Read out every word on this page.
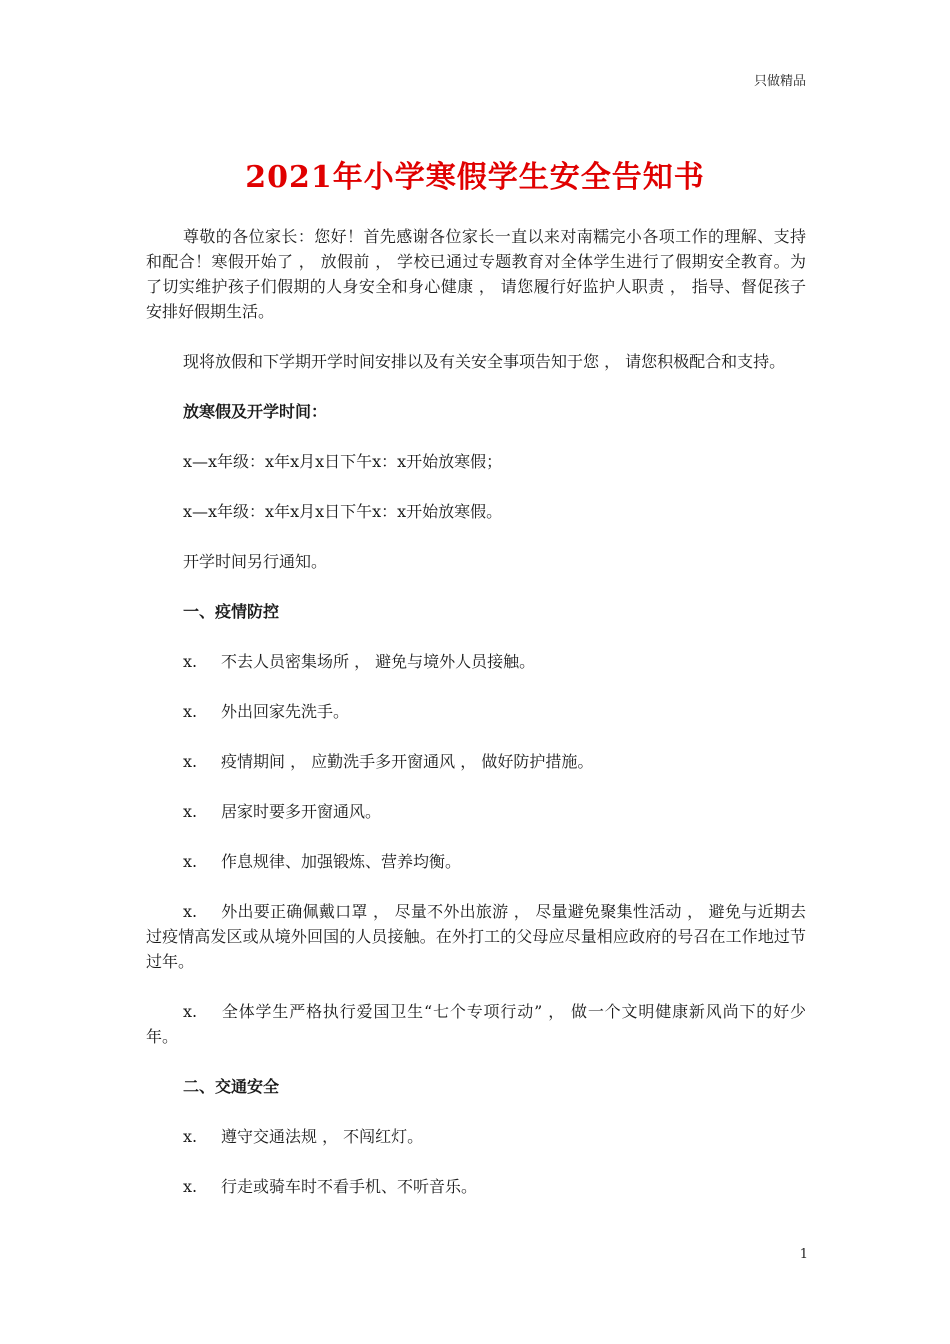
只做精品
2021年小学寒假学生安全告知书

尊敬的各位家长：您好！首先感谢各位家长一直以来对南糯完小各项工作的理解、支持和配合！寒假开始了 ， 放假前 ， 学校已通过专题教育对全体学生进行了假期安全教育。为了切实维护孩子们假期的人身安全和身心健康 ， 请您履行好监护人职责 ， 指导、督促孩子安排好假期生活。

现将放假和下学期开学时间安排以及有关安全事项告知于您 ， 请您积极配合和支持。

放寒假及开学时间：

x—x年级：x年x月x日下午x：x开始放寒假；

x—x年级：x年x月x日下午x：x开始放寒假。

开学时间另行通知。

一、疫情防控

x. 不去人员密集场所 ， 避免与境外人员接触。

x. 外出回家先洗手。

x. 疫情期间 ， 应勤洗手多开窗通风 ， 做好防护措施。

x. 居家时要多开窗通风。

x. 作息规律、加强锻炼、营养均衡。

x. 外出要正确佩戴口罩 ， 尽量不外出旅游 ， 尽量避免聚集性活动 ， 避免与近期去过疫情高发区或从境外回国的人员接触。在外打工的父母应尽量相应政府的号召在工作地过节过年。

x. 全体学生严格执行爱国卫生“七个专项行动” ， 做一个文明健康新风尚下的好少年。

二、交通安全

x. 遵守交通法规 ， 不闯红灯。

x. 行走或骑车时不看手机、不听音乐。

1
